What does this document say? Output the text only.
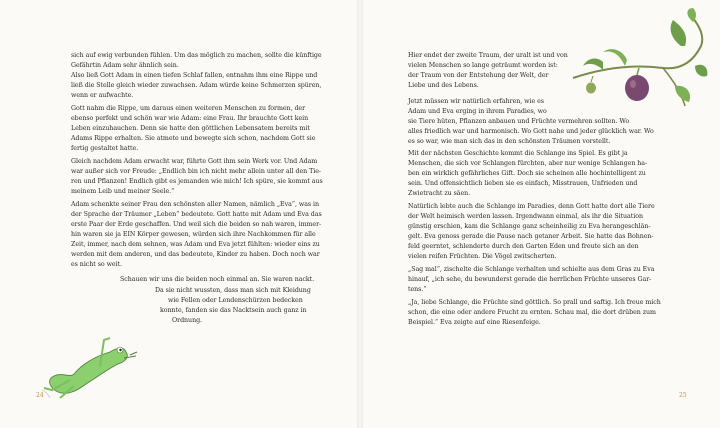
sich auf ewig verbunden fühlen. Um das möglich zu machen, sollte die künftige
Gefährtin Adam sehr ähnlich sein.
Also ließ Gott Adam in einen tiefen Schlaf fallen, entnahm ihm eine Rippe und
ließ die Stelle gleich wieder zuwachsen. Adam würde keine Schmerzen spüren,
wenn er aufwachte.
Gott nahm die Rippe, um daraus einen weiteren Menschen zu formen, der
ebenso perfekt und schön war wie Adam: eine Frau. Ihr brauchte Gott kein
Leben einzuhauchen. Denn sie hatte den göttlichen Lebensatem bereits mit
Adams Rippe erhalten. Sie atmete und bewegte sich schon, nachdem Gott sie
fertig gestaltet hatte.
Gleich nachdem Adam erwacht war, führte Gott ihm sein Werk vor. Und Adam
war außer sich vor Freude: „Endlich bin ich nicht mehr allein unter all den Tie-
ren und Pflanzen! Endlich gibt es jemanden wie mich! Ich spüre, sie kommt aus
meinem Leib und meiner Seele.“
Adam schenkte seiner Frau den schönsten aller Namen, nämlich „Eva“, was in
der Sprache der Träumer „Leben“ bedeutete. Gott hatte mit Adam und Eva das
erste Paar der Erde geschaffen. Und weil sich die beiden so nah waren, immer-
hin waren sie ja EIN Körper gewesen, würden sich ihre Nachkommen für alle
Zeit, immer, nach dem sehnen, was Adam und Eva jetzt fühlten: wieder eins zu
werden mit dem anderen, und das bedeutete, Kinder zu haben. Doch noch war
es nicht so weit.
Schauen wir uns die beiden noch einmal an. Sie waren nackt.
Da sie nicht wussten, dass man sich mit Kleidung
wie Fellen oder Lendenschürzen bedecken
konnte, fanden sie das Nacktsein auch ganz in
Ordnung.
24
Hier endet der zweite Traum, der uralt ist und von
vielen Menschen so lange geträumt worden ist:
der Traum von der Entstehung der Welt, der
Liebe und des Lebens.
Jetzt müssen wir natürlich erfahren, wie es
Adam und Eva erging in ihrem Paradies, wo
sie Tiere hüten, Pflanzen anbauen und Früchte vermehren sollten. Wo
alles friedlich war und harmonisch. Wo Gott nahe und jeder glücklich war. Wo
es so war, wie man sich das in den schönsten Träumen vorstellt.
Mit der nächsten Geschichte kommt die Schlange ins Spiel. Es gibt ja
Menschen, die sich vor Schlangen fürchten, aber nur wenige Schlangen ha-
ben ein wirklich gefährliches Gift. Doch sie scheinen alle hochintelligent zu
sein. Und offensichtlich lieben sie es einfach, Misstrauen, Unfrieden und
Zwietracht zu säen.
Natürlich lebte auch die Schlange im Paradies, denn Gott hatte dort alle Tiere
der Welt heimisch werden lassen. Irgendwann einmal, als ihr die Situation
günstig erschien, kam die Schlange ganz scheinheilig zu Eva herangeschlän-
gelt. Eva genoss gerade die Pause nach getaner Arbeit. Sie hatte das Bohnen-
feld geerntet, schlenderte durch den Garten Eden und freute sich an den
vielen reifen Früchten. Die Vögel zwitscherten.
„Sag mal“, zischelte die Schlange verhalten und schielte aus dem Gras zu Eva
hinauf, „ich sehe, du bewunderst gerade die herrlichen Früchte unseres Gar-
tens.“
„Ja, liebe Schlange, die Früchte sind göttlich. So prall und saftig. Ich freue mich
schon, die eine oder andere Frucht zu ernten. Schau mal, die dort drüben zum
Beispiel.“ Eva zeigte auf eine Riesenfeige.
25
